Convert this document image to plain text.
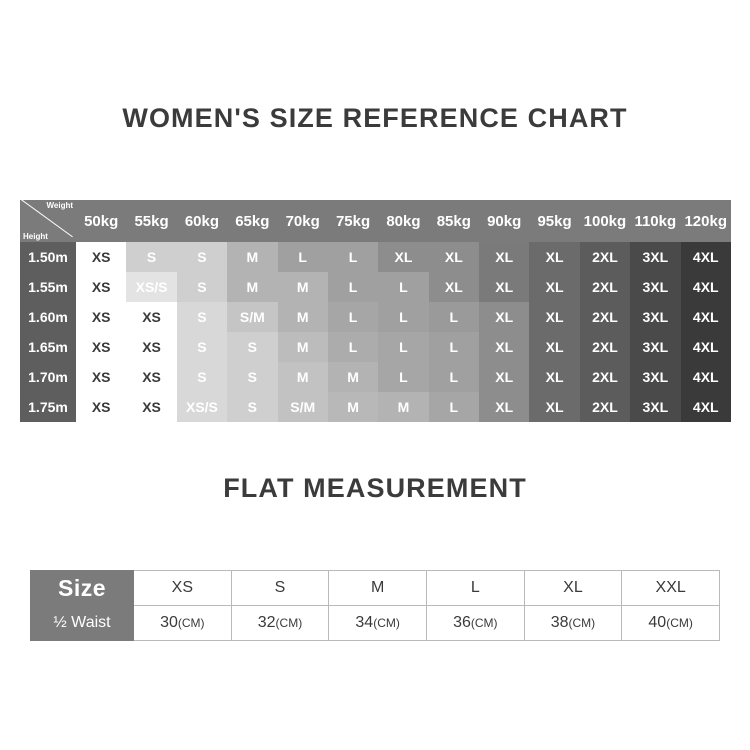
WOMEN'S SIZE REFERENCE CHART
Weight
Height	50kg	55kg	60kg	65kg	70kg	75kg	80kg	85kg	90kg	95kg	100kg	110kg	120kg
1.50m	XS	S	S	M	L	L	XL	XL	XL	XL	2XL	3XL	4XL
1.55m	XS	XS/S	S	M	M	L	L	XL	XL	XL	2XL	3XL	4XL
1.60m	XS	XS	S	S/M	M	L	L	L	XL	XL	2XL	3XL	4XL
1.65m	XS	XS	S	S	M	L	L	L	XL	XL	2XL	3XL	4XL
1.70m	XS	XS	S	S	M	M	L	L	XL	XL	2XL	3XL	4XL
1.75m	XS	XS	XS/S	S	S/M	M	M	L	XL	XL	2XL	3XL	4XL
FLAT MEASUREMENT
Size	XS	S	M	L	XL	XXL
½ Waist	30(CM)	32(CM)	34(CM)	36(CM)	38(CM)	40(CM)
